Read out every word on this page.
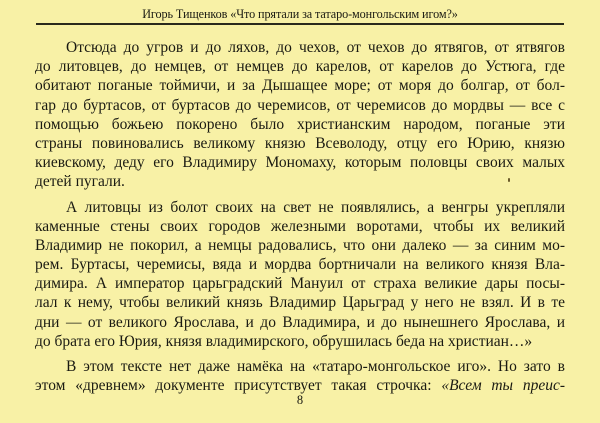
Игорь Тищенков «Что прятали за татаро-монгольским игом?»
Отсюда до угров и до ляхов, до чехов, от чехов до ятвягов, от ятвягов
до литовцев, до немцев, от немцев до карелов, от карелов до Устюга, где
обитают поганые тоймичи, и за Дышащее море; от моря до болгар, от бол-
гар до буртасов, от буртасов до черемисов, от черемисов до мордвы — все с
помощью божьею покорено было христианским народом, поганые эти
страны повиновались великому князю Всеволоду, отцу его Юрию, князю
киевскому, деду его Владимиру Мономаху, которым половцы своих малых
детей пугали.
А литовцы из болот своих на свет не появлялись, а венгры укрепляли
каменные стены своих городов железными воротами, чтобы их великий
Владимир не покорил, а немцы радовались, что они далеко — за синим мо-
рем. Буртасы, черемисы, вяда и мордва бортничали на великого князя Вла-
димира. А император царьградский Мануил от страха великие дары посы-
лал к нему, чтобы великий князь Владимир Царьград у него не взял. И в те
дни — от великого Ярослава, и до Владимира, и до нынешнего Ярослава, и
до брата его Юрия, князя владимирского, обрушилась беда на христиан…»
В этом тексте нет даже намёка на «татаро-монгольское иго». Но зато в
этом «древнем» документе присутствует такая строчка: «Всем ты преис-
8
